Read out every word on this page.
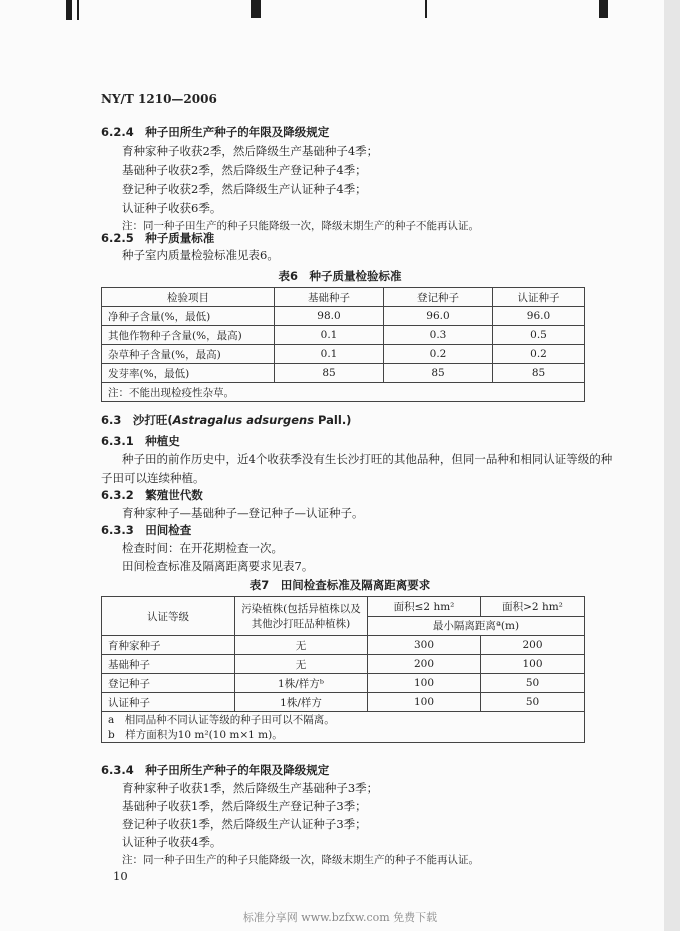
NY/T 1210—2006
6.2.4　种子田所生产种子的年限及降级规定
育种家种子收获2季，然后降级生产基础种子4季；
基础种子收获2季，然后降级生产登记种子4季；
登记种子收获2季，然后降级生产认证种子4季；
认证种子收获6季。
注：同一种子田生产的种子只能降级一次，降级末期生产的种子不能再认证。
6.2.5　种子质量标准
种子室内质量检验标准见表6。
表6　种子质量检验标准
检验项目	基础种子	登记种子	认证种子
净种子含量(%，最低)	98.0	96.0	96.0
其他作物种子含量(%，最高)	0.1	0.3	0.5
杂草种子含量(%，最高)	0.1	0.2	0.2
发芽率(%，最低)	85	85	85
注：不能出现检疫性杂草。			
6.3　沙打旺(Astragalus adsurgens Pall.)
6.3.1　种植史
种子田的前作历史中，近4个收获季没有生长沙打旺的其他品种，但同一品种和相同认证等级的种
子田可以连续种植。
6.3.2　繁殖世代数
育种家种子—基础种子—登记种子—认证种子。
6.3.3　田间检查
检查时间：在开花期检查一次。
田间检查标准及隔离距离要求见表7。
表7　田间检查标准及隔离距离要求
认证等级	污染植株(包括异植株以及
其他沙打旺品种植株)	面积≤2 hm²	面积>2 hm²
		最小隔离距离ª(m)	
育种家种子	无	300	200
基础种子	无	200	100
登记种子	1株/样方ᵇ	100	50
认证种子	1株/样方	100	50
a　相同品种不同认证等级的种子田可以不隔离。
b　样方面积为10 m²(10 m×1 m)。			
6.3.4　种子田所生产种子的年限及降级规定
育种家种子收获1季，然后降级生产基础种子3季；
基础种子收获1季，然后降级生产登记种子3季；
登记种子收获1季，然后降级生产认证种子3季；
认证种子收获4季。
注：同一种子田生产的种子只能降级一次，降级末期生产的种子不能再认证。
10
标准分享网 www.bzfxw.com 免费下载
